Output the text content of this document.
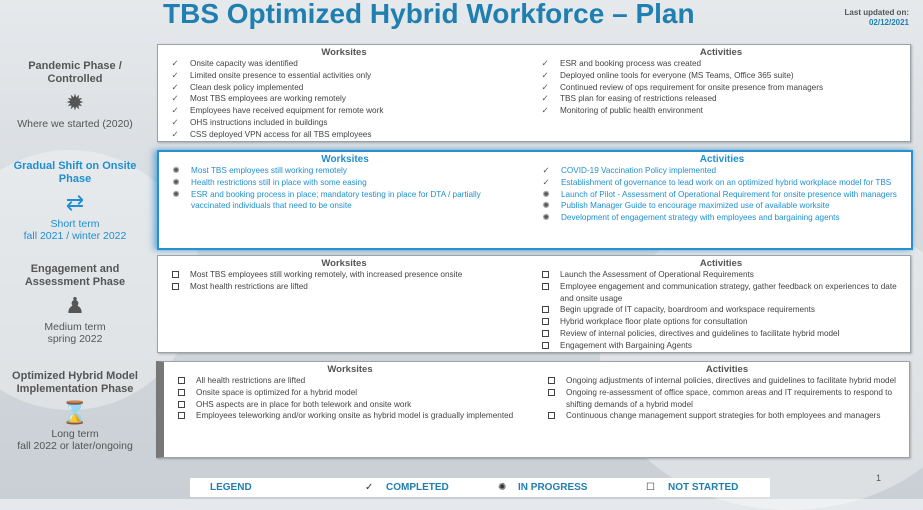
TBS Optimized Hybrid Workforce – Plan	Last updated on:
02/12/2021
Pandemic Phase / Controlled
✹
Where we started (2020)
Gradual Shift on Onsite Phase
⇄
Short term
fall 2021 / winter 2022
Engagement and Assessment Phase
♟
Medium term
spring 2022
Optimized Hybrid Model Implementation Phase
⌛
Long term
fall 2022 or later/ongoing
Worksites
✓	Onsite capacity was identified
✓	Limited onsite presence to essential activities only
✓	Clean desk policy implemented
✓	Most TBS employees are working remotely
✓	Employees have received equipment for remote work
✓	OHS instructions included in buildings
✓	CSS deployed VPN access for all TBS employees
Activities
✓	ESR and booking process was created
✓	Deployed online tools for everyone (MS Teams, Office 365 suite)
✓	Continued review of ops requirement for onsite presence from managers
✓	TBS plan for easing of restrictions released
✓	Monitoring of public health environment
Worksites
✺	Most TBS employees still working remotely
✺	Health restrictions still in place with some easing
✺	ESR and booking process in place; mandatory testing in place for DTA / partially vaccinated individuals that need to be onsite
Activities
✓	COVID-19 Vaccination Policy implemented
✓	Establishment of governance to lead work on an optimized hybrid workplace model for TBS
✺	Launch of Pilot - Assessment of Operational Requirement for onsite presence with managers
✺	Publish Manager Guide to encourage maximized use of available worksite
✺	Development of engagement strategy with employees and bargaining agents
Worksites
Most TBS employees still working remotely, with increased presence onsite
Most health restrictions are lifted
Activities
Launch the Assessment of Operational Requirements
Employee engagement and communication strategy, gather feedback on experiences to date and onsite usage
Begin upgrade of IT capacity, boardroom and workspace requirements
Hybrid workplace floor plate options for consultation
Review of internal policies, directives and guidelines to facilitate hybrid model
Engagement with Bargaining Agents
Worksites
All health restrictions are lifted
Onsite space is optimized for a hybrid model
OHS aspects are in place for both telework and onsite work
Employees teleworking and/or working onsite as hybrid model is gradually implemented
Activities
Ongoing adjustments of internal policies, directives and guidelines to facilitate hybrid model
Ongoing re-assessment of office space, common areas and IT requirements to respond to shifting demands of a hybrid model
Continuous change management support strategies for both employees and managers
LEGEND	✓ COMPLETED	✺ IN PROGRESS	☐ NOT STARTED
1
